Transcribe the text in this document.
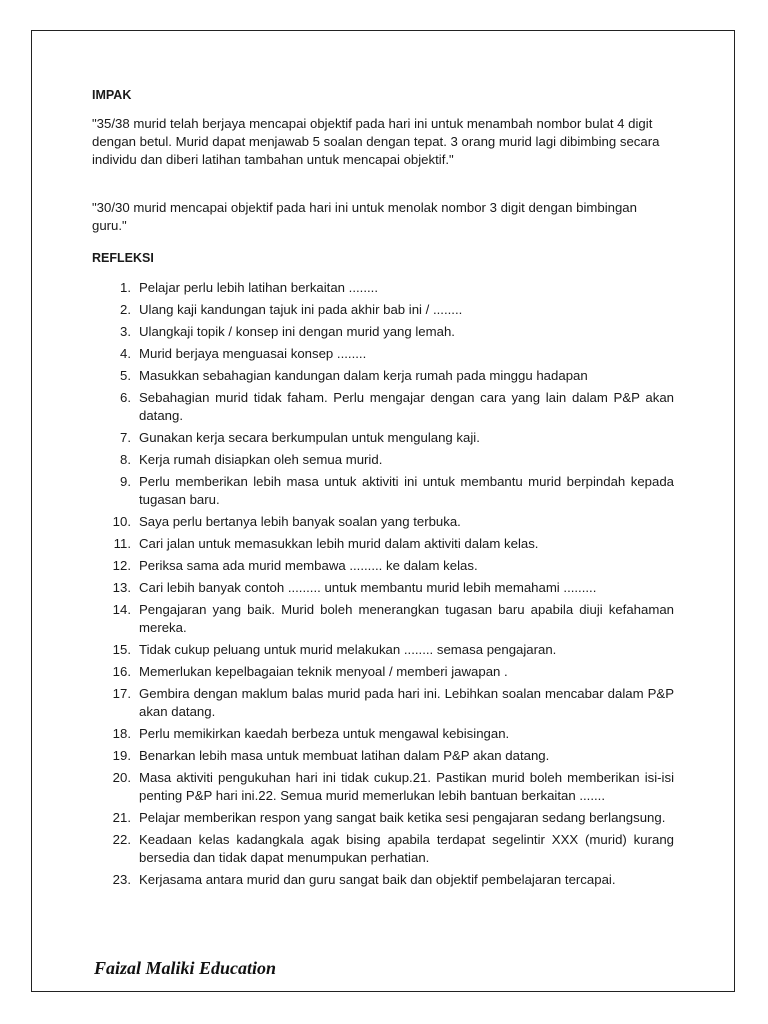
IMPAK

"35/38 murid telah berjaya mencapai objektif pada hari ini untuk menambah nombor bulat 4 digit dengan betul. Murid dapat menjawab 5 soalan dengan tepat. 3 orang murid lagi dibimbing secara individu dan diberi latihan tambahan untuk mencapai objektif."

"30/30 murid mencapai objektif pada hari ini untuk menolak nombor 3 digit dengan bimbingan guru."

REFLEKSI

1. Pelajar perlu lebih latihan berkaitan ........
2. Ulang kaji kandungan tajuk ini pada akhir bab ini / ........
3. Ulangkaji topik / konsep ini dengan murid yang lemah.
4. Murid berjaya menguasai konsep ........
5. Masukkan sebahagian kandungan dalam kerja rumah pada minggu hadapan
6. Sebahagian murid tidak faham. Perlu mengajar dengan cara yang lain dalam P&P akan datang.
7. Gunakan kerja secara berkumpulan untuk mengulang kaji.
8. Kerja rumah disiapkan oleh semua murid.
9. Perlu memberikan lebih masa untuk aktiviti ini untuk membantu murid berpindah kepada tugasan baru.
10. Saya perlu bertanya lebih banyak soalan yang terbuka.
11. Cari jalan untuk memasukkan lebih murid dalam aktiviti dalam kelas.
12. Periksa sama ada murid membawa ......... ke dalam kelas.
13. Cari lebih banyak contoh ......... untuk membantu murid lebih memahami .........
14. Pengajaran yang baik. Murid boleh menerangkan tugasan baru apabila diuji kefahaman mereka.
15. Tidak cukup peluang untuk murid melakukan ........ semasa pengajaran.
16. Memerlukan kepelbagaian teknik menyoal / memberi jawapan .
17. Gembira dengan maklum balas murid pada hari ini. Lebihkan soalan mencabar dalam P&P akan datang.
18. Perlu memikirkan kaedah berbeza untuk mengawal kebisingan.
19. Benarkan lebih masa untuk membuat latihan dalam P&P akan datang.
20. Masa aktiviti pengukuhan hari ini tidak cukup.21. Pastikan murid boleh memberikan isi-isi penting P&P hari ini.22. Semua murid memerlukan lebih bantuan berkaitan .......
21. Pelajar memberikan respon yang sangat baik ketika sesi pengajaran sedang berlangsung.
22. Keadaan kelas kadangkala agak bising apabila terdapat segelintir XXX (murid) kurang bersedia dan tidak dapat menumpukan perhatian.
23. Kerjasama antara murid dan guru sangat baik dan objektif pembelajaran tercapai.

Faizal Maliki Education
